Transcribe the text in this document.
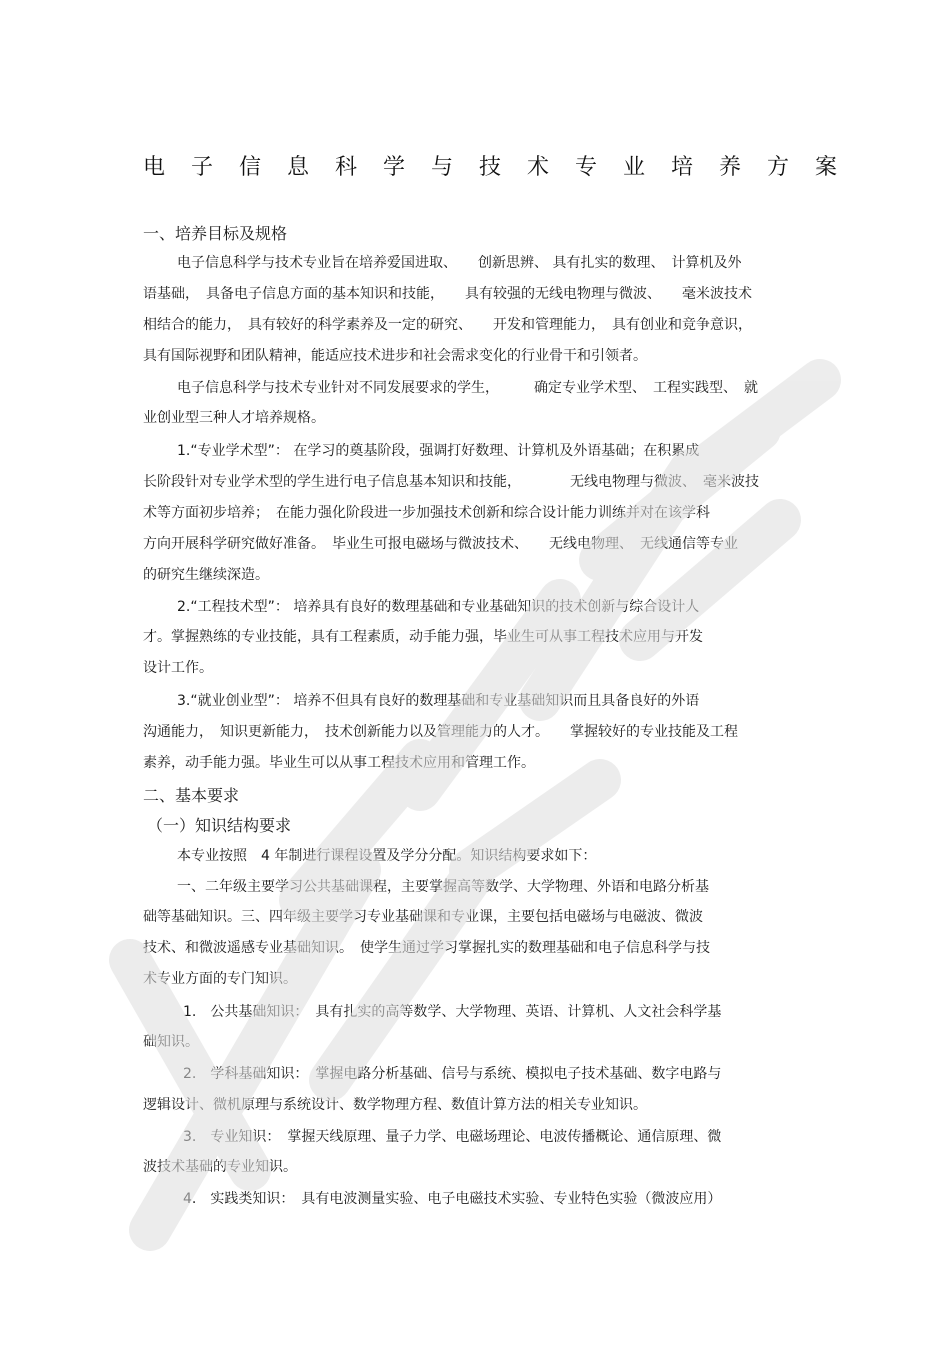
电子信息科学与技术专业培养方案
一、培养目标及规格
电子信息科学与技术专业旨在培养爱国进取、　　创新思辨、 具有扎实的数理、　计算机及外
语基础，　具备电子信息方面的基本知识和技能，　　具有较强的无线电物理与微波、　　毫米波技术
相结合的能力，　具有较好的科学素养及一定的研究、　　开发和管理能力，　具有创业和竞争意识，
具有国际视野和团队精神，能适应技术进步和社会需求变化的行业骨干和引领者。
电子信息科学与技术专业针对不同发展要求的学生，　　　确定专业学术型、　工程实践型、　就
业创业型三种人才培养规格。
1.“专业学术型”： 在学习的奠基阶段，强调打好数理、计算机及外语基础；在积累成
长阶段针对专业学术型的学生进行电子信息基本知识和技能，　　　　无线电物理与微波、　毫米波技
术等方面初步培养；　在能力强化阶段进一步加强技术创新和综合设计能力训练并对在该学科
方向开展科学研究做好准备。　毕业生可报电磁场与微波技术、　　无线电物理、　无线通信等专业
的研究生继续深造。
2.“工程技术型”： 培养具有良好的数理基础和专业基础知识的技术创新与综合设计人
才。掌握熟练的专业技能，具有工程素质，动手能力强，毕业生可从事工程技术应用与开发
设计工作。
3.“就业创业型”： 培养不但具有良好的数理基础和专业基础知识而且具备良好的外语
沟通能力，　知识更新能力，　技术创新能力以及管理能力的人才。　　掌握较好的专业技能及工程
素养，动手能力强。毕业生可以从事工程技术应用和管理工作。
二、基本要求
（一）知识结构要求
本专业按照　4 年制进行课程设置及学分分配。知识结构要求如下：
一、二年级主要学习公共基础课程，主要掌握高等数学、大学物理、外语和电路分析基
础等基础知识。三、四年级主要学习专业基础课和专业课，主要包括电磁场与电磁波、微波
技术、和微波遥感专业基础知识。　使学生通过学习掌握扎实的数理基础和电子信息科学与技
术专业方面的专门知识。
1.　公共基础知识：　具有扎实的高等数学、大学物理、英语、计算机、人文社会科学基
础知识。
2.　学科基础知识：　掌握电路分析基础、信号与系统、模拟电子技术基础、数字电路与
逻辑设计、微机原理与系统设计、数学物理方程、数值计算方法的相关专业知识。
3.　专业知识：　掌握天线原理、量子力学、电磁场理论、电波传播概论、通信原理、微
波技术基础的专业知识。
4.　实践类知识：　具有电波测量实验、电子电磁技术实验、专业特色实验（微波应用）
